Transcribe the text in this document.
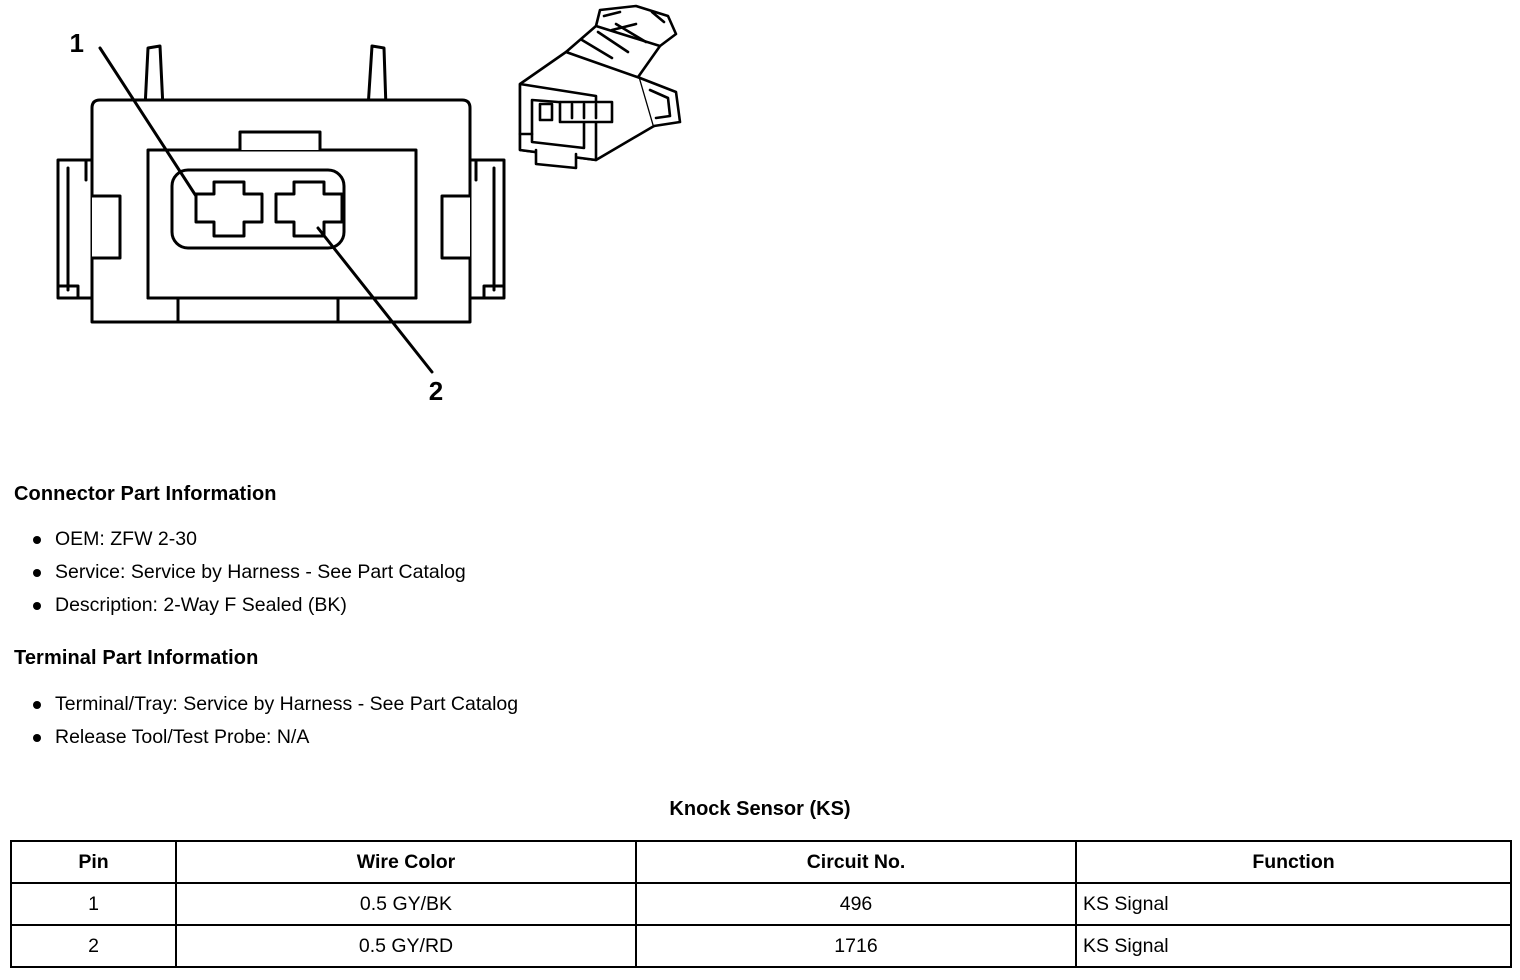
1
2
Connector Part Information
OEM: ZFW 2-30
Service: Service by Harness - See Part Catalog
Description: 2-Way F Sealed (BK)
Terminal Part Information
Terminal/Tray: Service by Harness - See Part Catalog
Release Tool/Test Probe: N/A
Knock Sensor (KS)
Pin	Wire Color	Circuit No.	Function
1	0.5 GY/BK	496	KS Signal
2	0.5 GY/RD	1716	KS Signal
